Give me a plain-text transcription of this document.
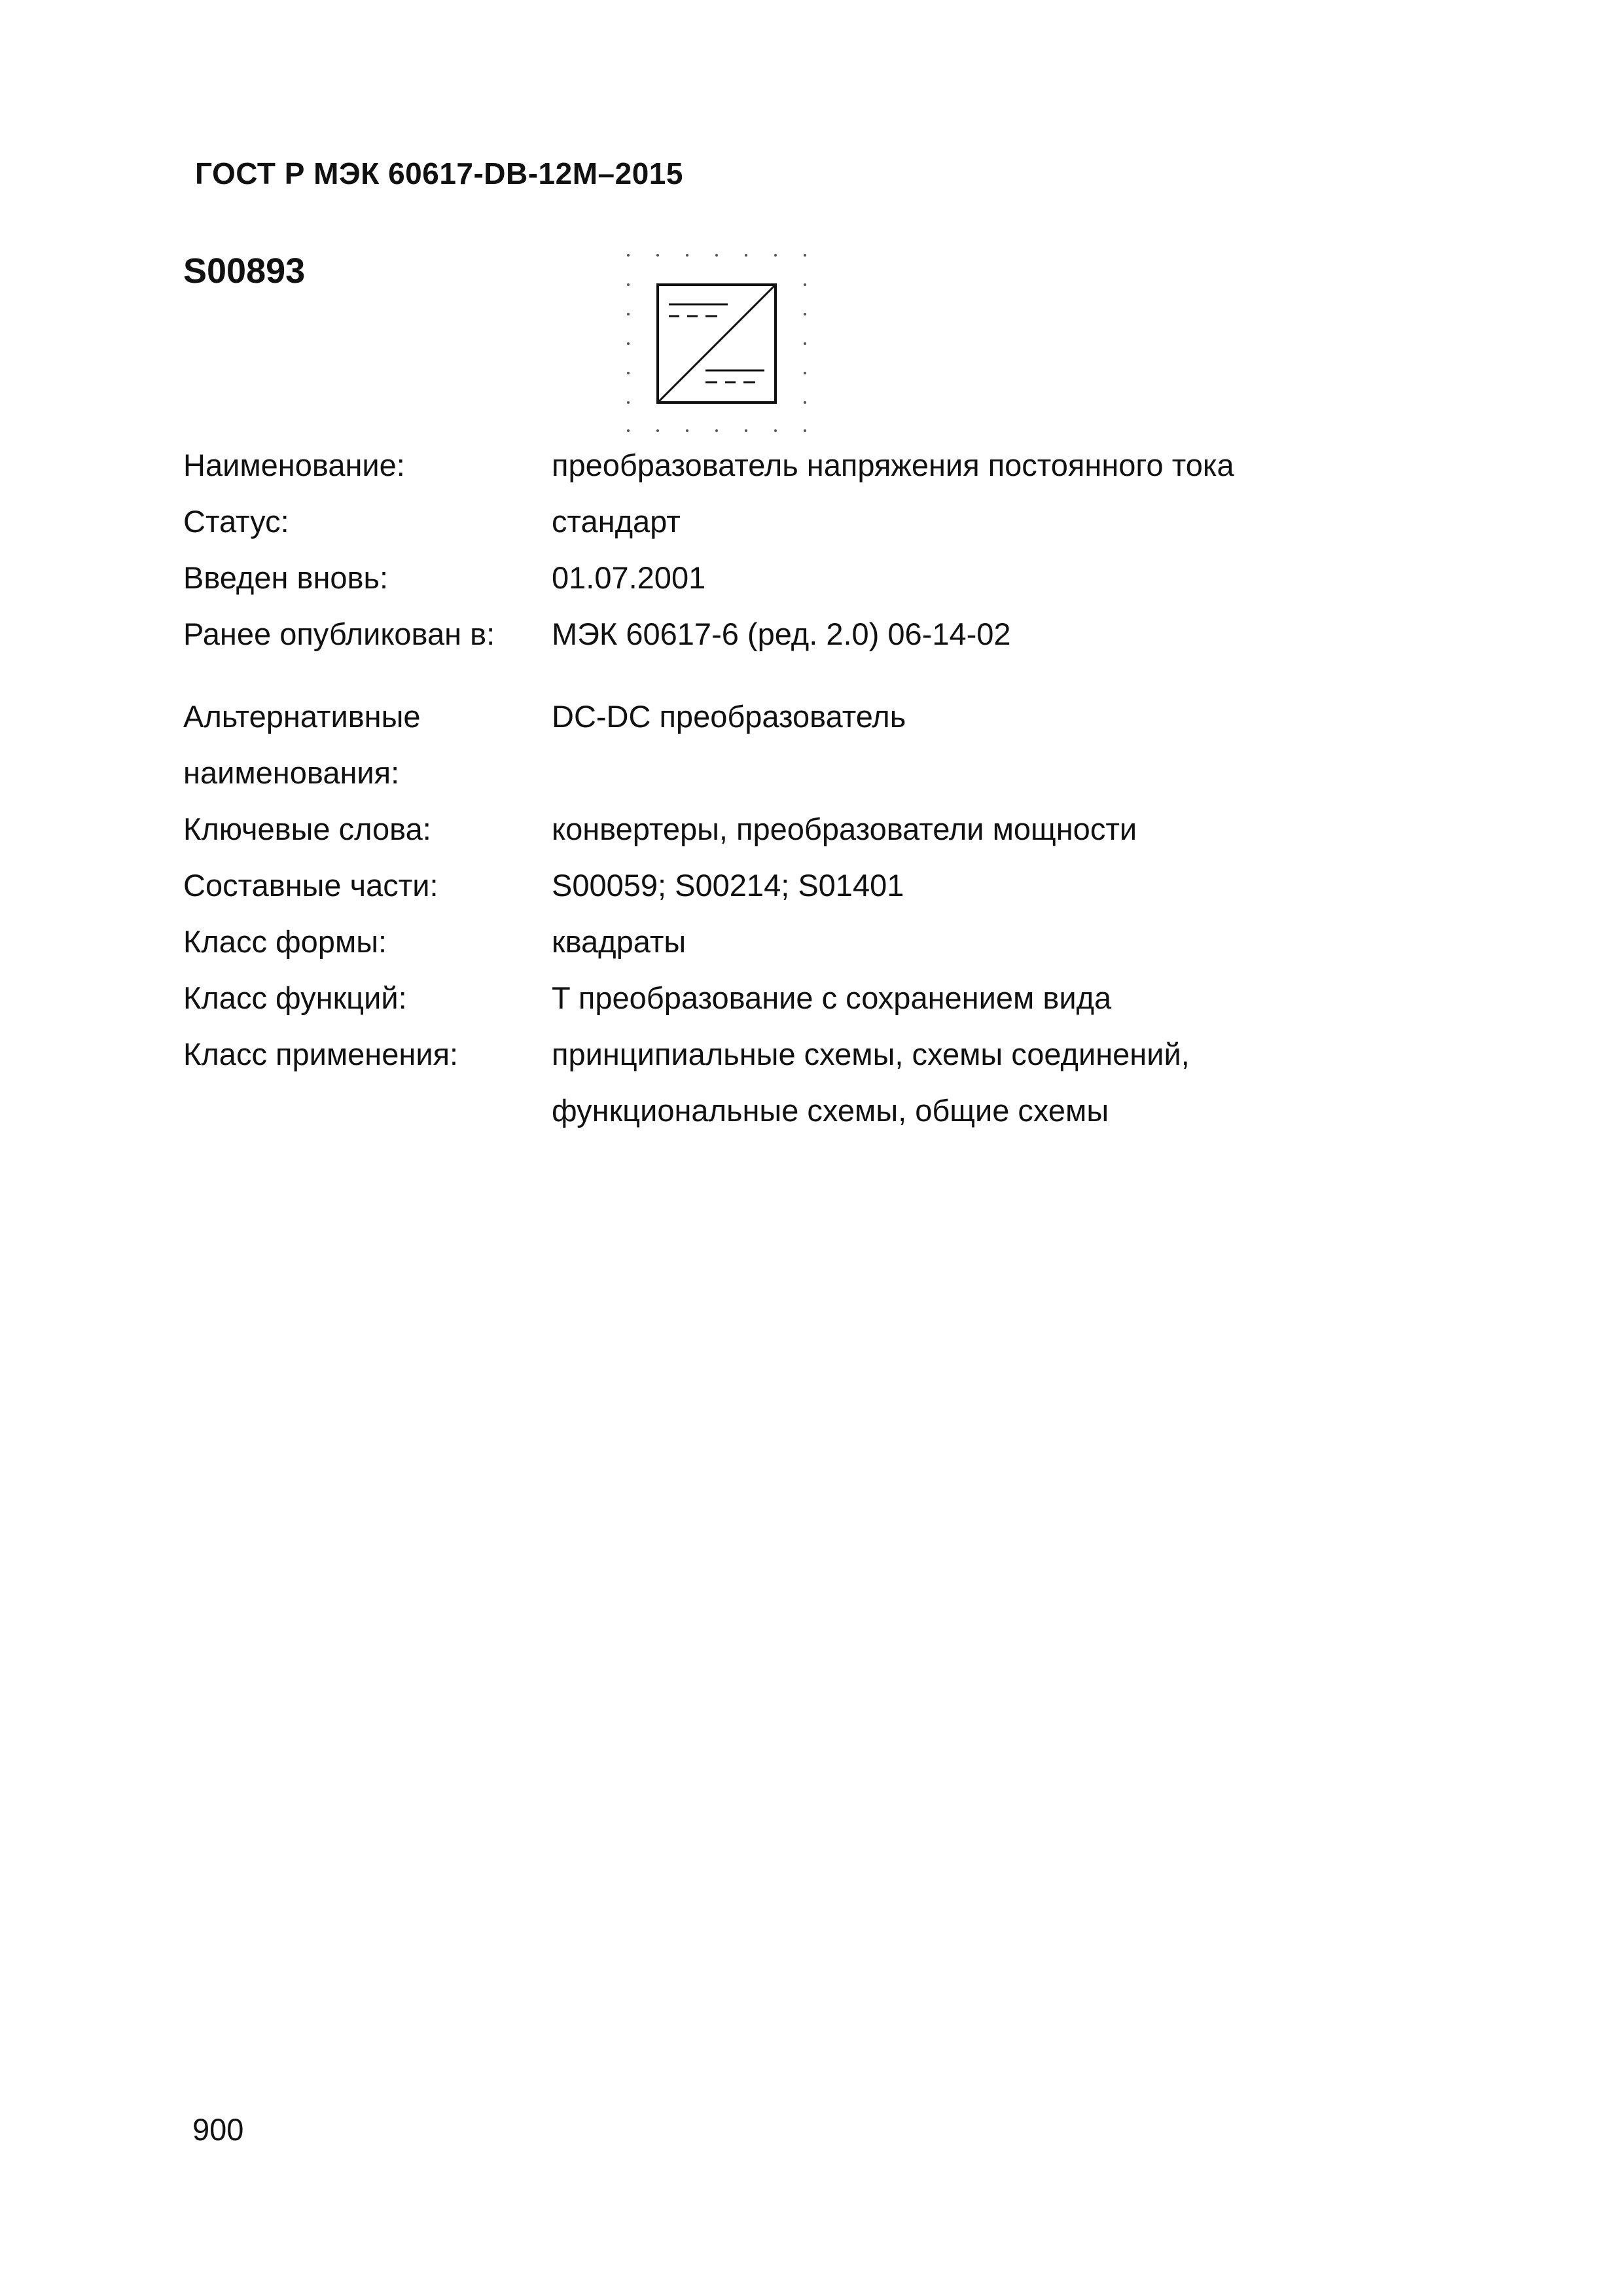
ГОСТ Р МЭК 60617-DB-12M–2015
S00893
Наименование:	преобразователь напряжения постоянного тока
Статус:	стандарт
Введен вновь:	01.07.2001
Ранее опубликован в:	МЭК 60617-6 (ред. 2.0) 06-14-02
Альтернативные
наименования:
DC-DC преобразователь
Ключевые слова:	конвертеры, преобразователи мощности
Составные части:	S00059; S00214; S01401
Класс формы:	квадраты
Класс функций:	T преобразование с сохранением вида
Класс применения:	принципиальные схемы, схемы соединений,
функциональные схемы, общие схемы
900
